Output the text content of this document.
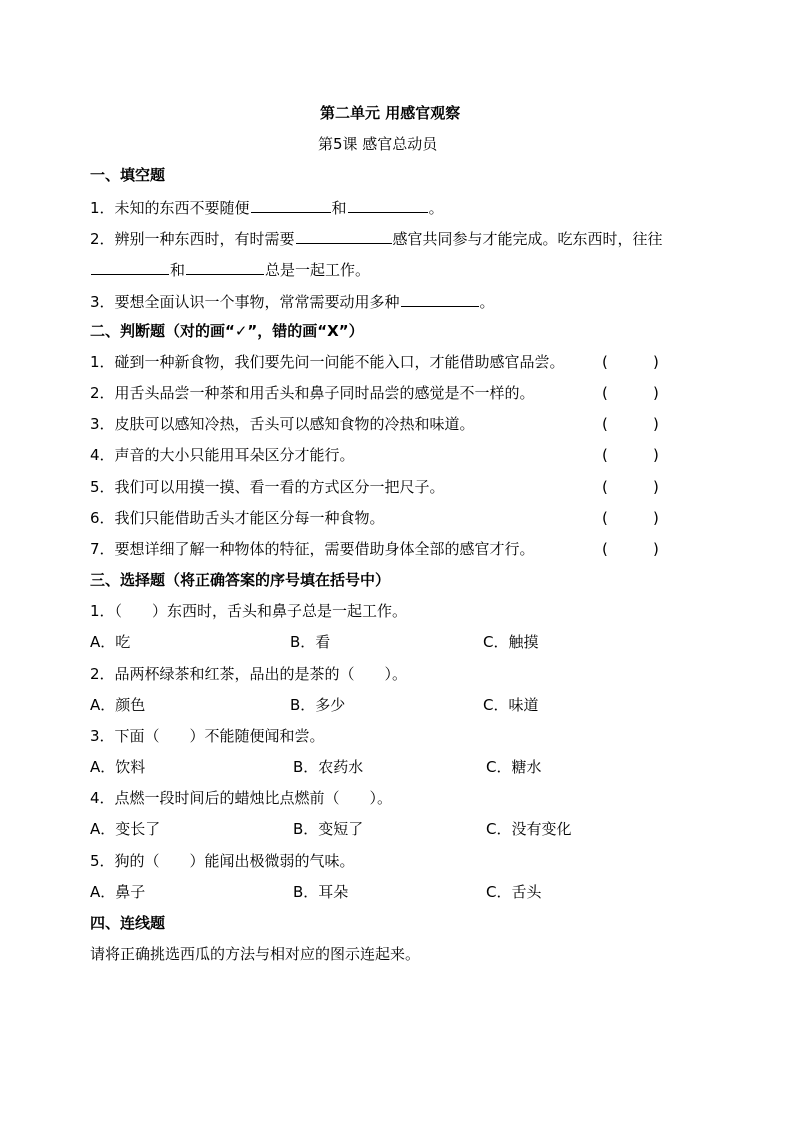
第二单元 用感官观察
第5课 感官总动员
一、填空题
1．未知的东西不要随便	和	。
2．辨别一种东西时，有时需要	感官共同参与才能完成。吃东西时，往往
和	总是一起工作。
3．要想全面认识一个事物，常常需要动用多种	。
二、判断题（对的画“✓”，错的画“X”）
1．碰到一种新食物，我们要先问一问能不能入口，才能借助感官品尝。 (	)
2．用舌头品尝一种茶和用舌头和鼻子同时品尝的感觉是不一样的。	(	)
3．皮肤可以感知冷热，舌头可以感知食物的冷热和味道。	(	)
4．声音的大小只能用耳朵区分才能行。	(	)
5．我们可以用摸一摸、看一看的方式区分一把尺子。	(	)
6．我们只能借助舌头才能区分每一种食物。	(	)
7．要想详细了解一种物体的特征，需要借助身体全部的感官才行。	(	)
三、选择题（将正确答案的序号填在括号中）
1．（　　）东西时，舌头和鼻子总是一起工作。
A．吃	B．看	C．触摸
2．品两杯绿茶和红茶，品出的是茶的（　　）。
A．颜色	B．多少	C．味道
3．下面（　　）不能随便闻和尝。
A．饮料	B．农药水	C．糖水
4．点燃一段时间后的蜡烛比点燃前（　　）。
A．变长了	B．变短了	C．没有变化
5．狗的（　　）能闻出极微弱的气味。
A．鼻子	B．耳朵	C．舌头
四、连线题
请将正确挑选西瓜的方法与相对应的图示连起来。
